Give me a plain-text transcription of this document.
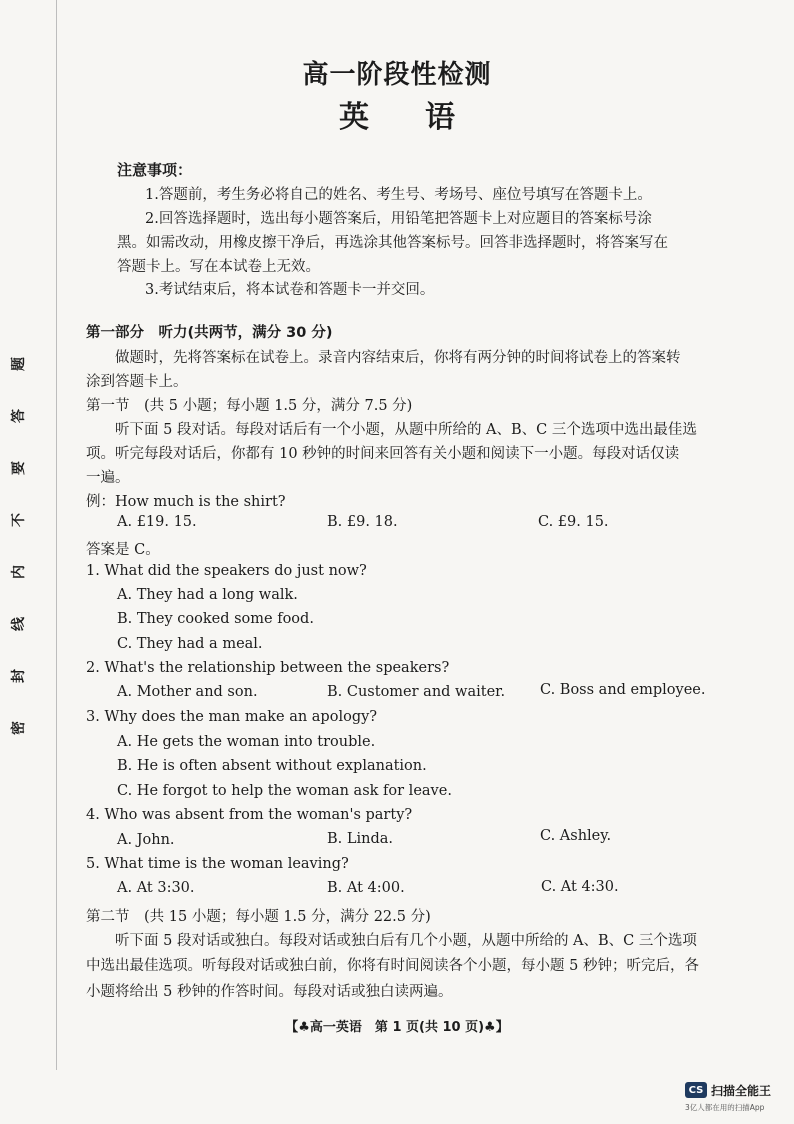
题
答
要
不
内
线
封
密
高一阶段性检测
英语
注意事项：
1.答题前，考生务必将自己的姓名、考生号、考场号、座位号填写在答题卡上。
2.回答选择题时，选出每小题答案后，用铅笔把答题卡上对应题目的答案标号涂
黑。如需改动，用橡皮擦干净后，再选涂其他答案标号。回答非选择题时，将答案写在
答题卡上。写在本试卷上无效。
3.考试结束后，将本试卷和答题卡一并交回。
第一部分　听力(共两节，满分 30 分)
做题时，先将答案标在试卷上。录音内容结束后，你将有两分钟的时间将试卷上的答案转
涂到答题卡上。
第一节　(共 5 小题；每小题 1.5 分，满分 7.5 分)
听下面 5 段对话。每段对话后有一个小题，从题中所给的 A、B、C 三个选项中选出最佳选
项。听完每段对话后，你都有 10 秒钟的时间来回答有关小题和阅读下一小题。每段对话仅读
一遍。
例：How much is the shirt?
A. £19. 15.	B. £9. 18.	C. £9. 15.
答案是 C。
1. What did the speakers do just now?
A. They had a long walk.
B. They cooked some food.
C. They had a meal.
2. What's the relationship between the speakers?
A. Mother and son.	B. Customer and waiter. C. Boss and employee.
3. Why does the man make an apology?
A. He gets the woman into trouble.
B. He is often absent without explanation.
C. He forgot to help the woman ask for leave.
4. Who was absent from the woman's party?
A. John.	B. Linda.	C. Ashley.
5. What time is the woman leaving?
A. At 3:30.	B. At 4:00.	C. At 4:30.
第二节　(共 15 小题；每小题 1.5 分，满分 22.5 分)
听下面 5 段对话或独白。每段对话或独白后有几个小题，从题中所给的 A、B、C 三个选项
中选出最佳选项。听每段对话或独白前，你将有时间阅读各个小题，每小题 5 秒钟；听完后，各
小题将给出 5 秒钟的作答时间。每段对话或独白读两遍。
【♣高一英语　第 1 页(共 10 页)♣】
CS 扫描全能王
3亿人都在用的扫描App
